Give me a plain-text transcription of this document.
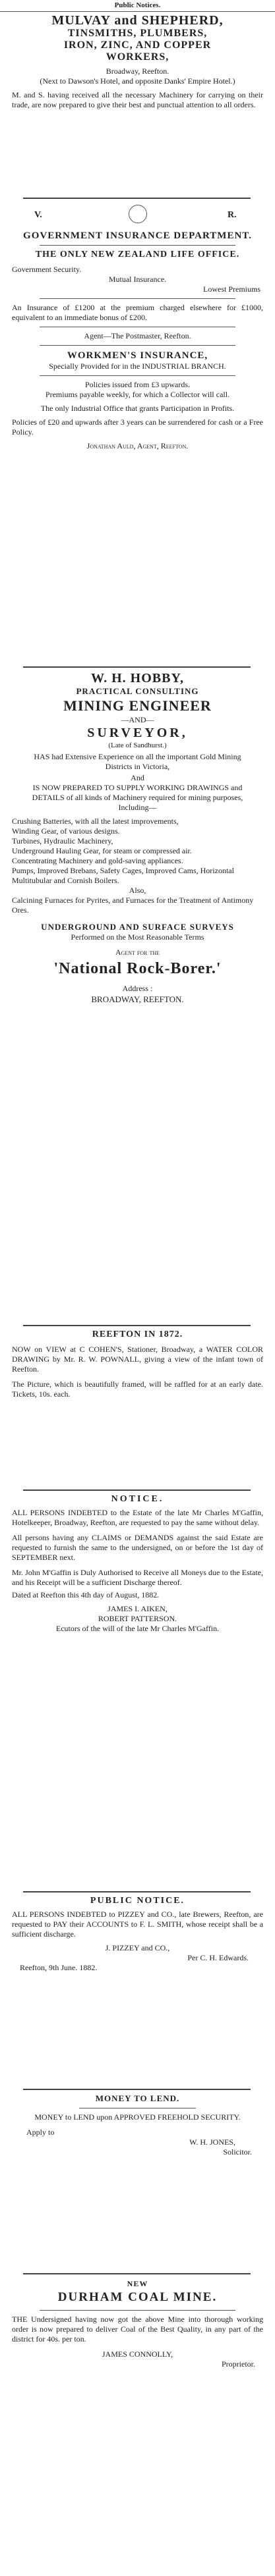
Public Notices.
MULVAY and SHEPHERD,
TINSMITHS, PLUMBERS,
IRON, ZINC, AND COPPER
WORKERS,
Broadway, Reefton.
(Next to Dawson's Hotel, and opposite Danks' Empire Hotel.)
M. and S. having received all the necessary Machinery for carrying on their trade, are now prepared to give their best and punctual attention to all orders.
V.	R.
GOVERNMENT INSURANCE DEPARTMENT.
THE ONLY NEW ZEALAND LIFE OFFICE.
Government Security.
Mutual Insurance.
Lowest Premiums
An Insurance of £1200 at the premium charged elsewhere for £1000, equivalent to an immediate bonus of £200.
Agent—The Postmaster, Reefton.
WORKMEN'S INSURANCE,
Specially Provided for in the INDUSTRIAL BRANCH.
Policies issued from £3 upwards.
Premiums payable weekly, for which a Collector will call.
The only Industrial Office that grants Participation in Profits.
Policies of £20 and upwards after 3 years can be surrendered for cash or a Free Policy.
Jonathan Auld, Agent, Reefton.
W. H. HOBBY,
PRACTICAL CONSULTING
MINING ENGINEER
—AND—
SURVEYOR,
(Late of Sandhurst.)
HAS had Extensive Experience on all the important Gold Mining Districts in Victoria,
And
IS NOW PREPARED TO SUPPLY WORKING DRAWINGS and DETAILS of all kinds of Machinery required for mining purposes, Including—
Crushing Batteries, with all the latest improvements,
Winding Gear, of various designs.
Turbines, Hydraulic Machinery,
Underground Hauling Gear, for steam or compressed air.
Concentrating Machinery and gold-saving appliances.
Pumps, Improved Brebans, Safety Cages, Improved Cams, Horizontal Multitubular and Cornish Boilers.
Also,
Calcining Furnaces for Pyrites, and Furnaces for the Treatment of Antimony Ores.
UNDERGROUND AND SURFACE SURVEYS
Performed on the Most Reasonable Terms
Agent for the
'National Rock-Borer.'
Address :
BROADWAY, REEFTON.
REEFTON IN 1872.
NOW on VIEW at C COHEN'S, Stationer, Broadway, a WATER COLOR DRAWING by Mr. R. W. POWNALL, giving a view of the infant town of Reefton.
The Picture, which is beautifully framed, will be raffled for at an early date. Tickets, 10s. each.
NOTICE.
ALL PERSONS INDEBTED to the Estate of the late Mr Charles M'Gaffin, Hotelkeeper, Broadway, Reefton, are requested to pay the same without delay.
All persons having any CLAIMS or DEMANDS against the said Estate are requested to furnish the same to the undersigned, on or before the 1st day of SEPTEMBER next.
Mr. John M'Gaffin is Duly Authorised to Receive all Moneys due to the Estate, and his Receipt will be a sufficient Discharge thereof.
Dated at Reefton this 4th day of August, 1882.
JAMES I. AIKEN,
ROBERT PATTERSON.
Ecutors of the will of the late Mr Charles M'Gaffin.
PUBLIC NOTICE.
ALL PERSONS INDEBTED to PIZZEY and CO., late Brewers, Reefton, are requested to PAY their ACCOUNTS to F. L. SMITH, whose receipt shall be a sufficient discharge.
J. PIZZEY and CO.,
Per C. H. Edwards.
Reefton, 9th June. 1882.
MONEY TO LEND.
MONEY to LEND upon APPROVED FREEHOLD SECURITY.
Apply to
W. H. JONES,
Solicitor.
NEW
DURHAM COAL MINE.
THE Undersigned having now got the above Mine into thorough working order is now prepared to deliver Coal of the Best Quality, in any part of the district for 40s. per ton.
JAMES CONNOLLY,
Proprietor.
